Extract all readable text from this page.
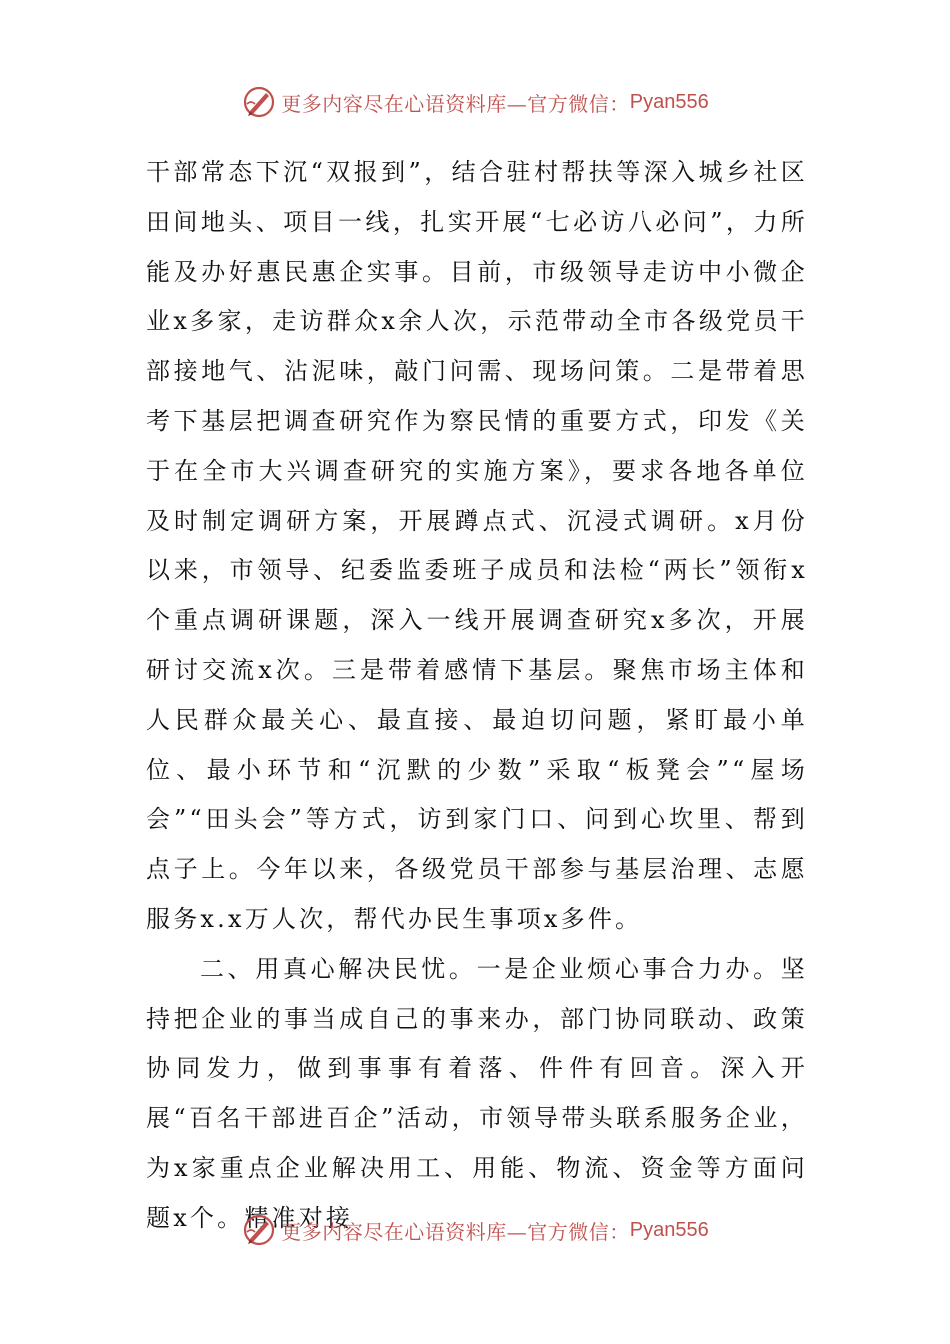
更多内容尽在心语资料库—官方微信： Pyan556

干部常态下沉“双报到”，结合驻村帮扶等深入城乡社区田间地头、项目一线，扎实开展“七必访八必问”，力所能及办好惠民惠企实事。目前，市级领导走访中小微企业x多家，走访群众x余人次，示范带动全市各级党员干部接地气、沾泥味，敲门问需、现场问策。二是带着思考下基层把调查研究作为察民情的重要方式，印发《关于在全市大兴调查研究的实施方案》，要求各地各单位及时制定调研方案，开展蹲点式、沉浸式调研。x月份以来，市领导、纪委监委班子成员和法检“两长”领衔x个重点调研课题，深入一线开展调查研究x多次，开展研讨交流x次。三是带着感情下基层。聚焦市场主体和人民群众最关心、最直接、最迫切问题，紧盯最小单位、最小环节和“沉默的少数”采取“板凳会”“屋场会”“田头会”等方式，访到家门口、问到心坎里、帮到点子上。今年以来，各级党员干部参与基层治理、志愿服务x.x万人次，帮代办民生事项x多件。

二、用真心解决民忧。一是企业烦心事合力办。坚持把企业的事当成自己的事来办，部门协同联动、政策协同发力，做到事事有着落、件件有回音。深入开展“百名干部进百企”活动，市领导带头联系服务企业，为x家重点企业解决用工、用能、物流、资金等方面问题x个。精准对接

更多内容尽在心语资料库—官方微信： Pyan556
